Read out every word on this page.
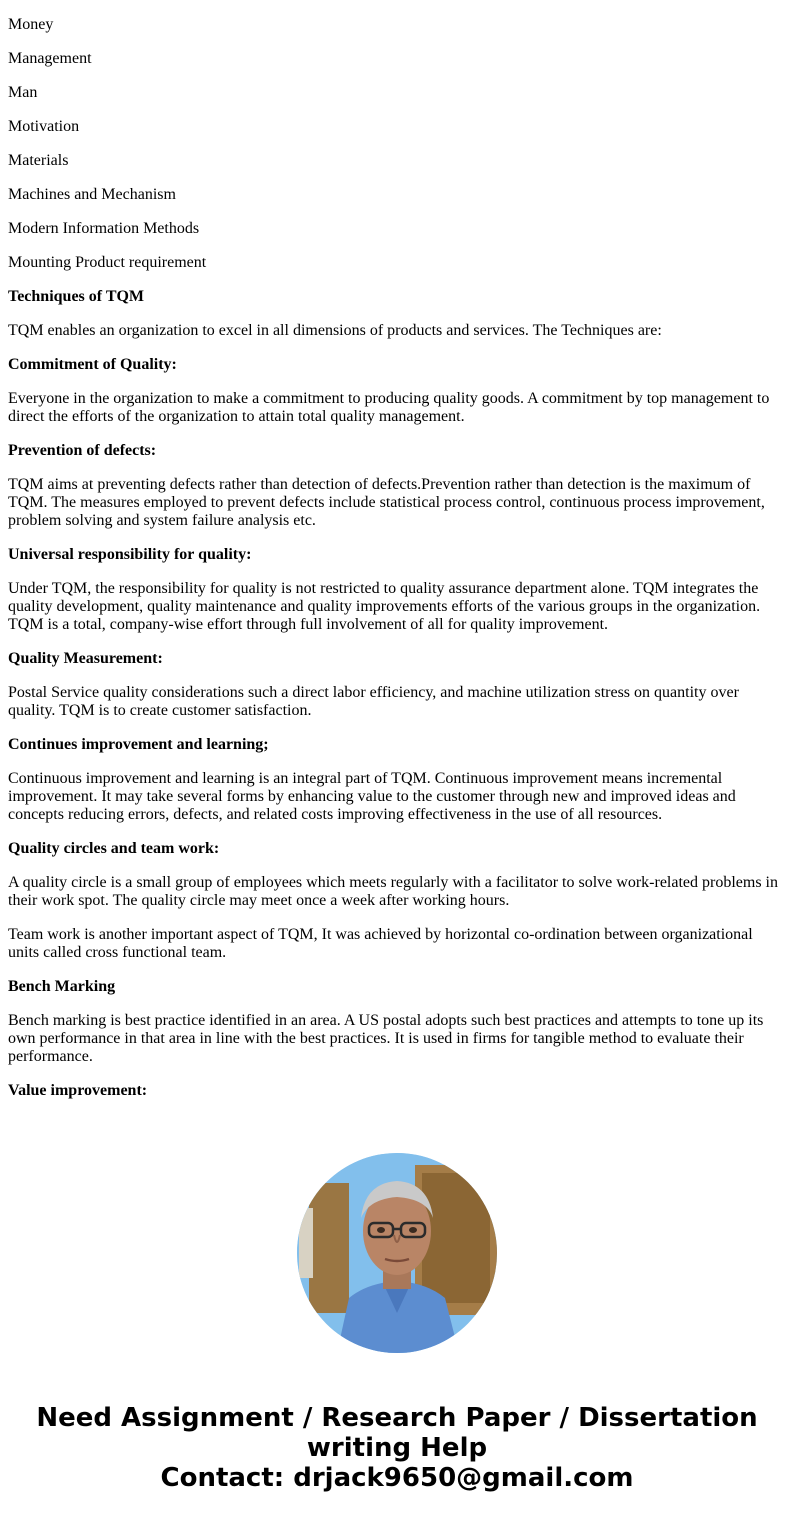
Money

Management

Man

Motivation

Materials

Machines and Mechanism

Modern Information Methods

Mounting Product requirement

Techniques of TQM

TQM enables an organization to excel in all dimensions of products and services. The Techniques are:

Commitment of Quality:

Everyone in the organization to make a commitment to producing quality goods. A commitment by top management to direct the efforts of the organization to attain total quality management.

Prevention of defects:

TQM aims at preventing defects rather than detection of defects.Prevention rather than detection is the maximum of TQM. The measures employed to prevent defects include statistical process control, continuous process improvement, problem solving and system failure analysis etc.

Universal responsibility for quality:

Under TQM, the responsibility for quality is not restricted to quality assurance department alone. TQM integrates the quality development, quality maintenance and quality improvements efforts of the various groups in the organization. TQM is a total, company-wise effort through full involvement of all for quality improvement.

Quality Measurement:

Postal Service quality considerations such a direct labor efficiency, and machine utilization stress on quantity over quality. TQM is to create customer satisfaction.

Continues improvement and learning;

Continuous improvement and learning is an integral part of TQM. Continuous improvement means incremental improvement. It may take several forms by enhancing value to the customer through new and improved ideas and concepts reducing errors, defects, and related costs improving effectiveness in the use of all resources.

Quality circles and team work:

A quality circle is a small group of employees which meets regularly with a facilitator to solve work-related problems in their work spot. The quality circle may meet once a week after working hours.

Team work is another important aspect of TQM, It was achieved by horizontal co-ordination between organizational units called cross functional team.

Bench Marking

Bench marking is best practice identified in an area. A US postal adopts such best practices and attempts to tone up its own performance in that area in line with the best practices. It is used in firms for tangible method to evaluate their performance.

Value improvement:

Need Assignment / Research Paper / Dissertation writing Help
Contact: drjack9650@gmail.com
